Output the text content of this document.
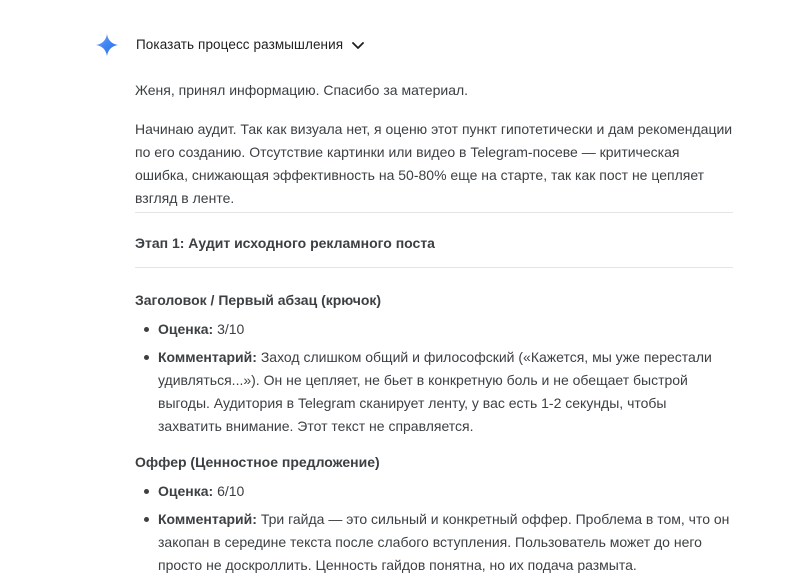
Показать процесс размышления

Женя, принял информацию. Спасибо за материал.

Начинаю аудит. Так как визуала нет, я оценю этот пункт гипотетически и дам рекомендации по его созданию. Отсутствие картинки или видео в Telegram-посеве — критическая ошибка, снижающая эффективность на 50-80% еще на старте, так как пост не цепляет взгляд в ленте.

Этап 1: Аудит исходного рекламного поста
Заголовок / Первый абзац (крючок)
Оценка: 3/10
Комментарий: Заход слишком общий и философский («Кажется, мы уже перестали удивляться...»). Он не цепляет, не бьет в конкретную боль и не обещает быстрой выгоды. Аудитория в Telegram сканирует ленту, у вас есть 1-2 секунды, чтобы захватить внимание. Этот текст не справляется.
Оффер (Ценностное предложение)
Оценка: 6/10
Комментарий: Три гайда — это сильный и конкретный оффер. Проблема в том, что он закопан в середине текста после слабого вступления. Пользователь может до него просто не доскроллить. Ценность гайдов понятна, но их подача размыта.
